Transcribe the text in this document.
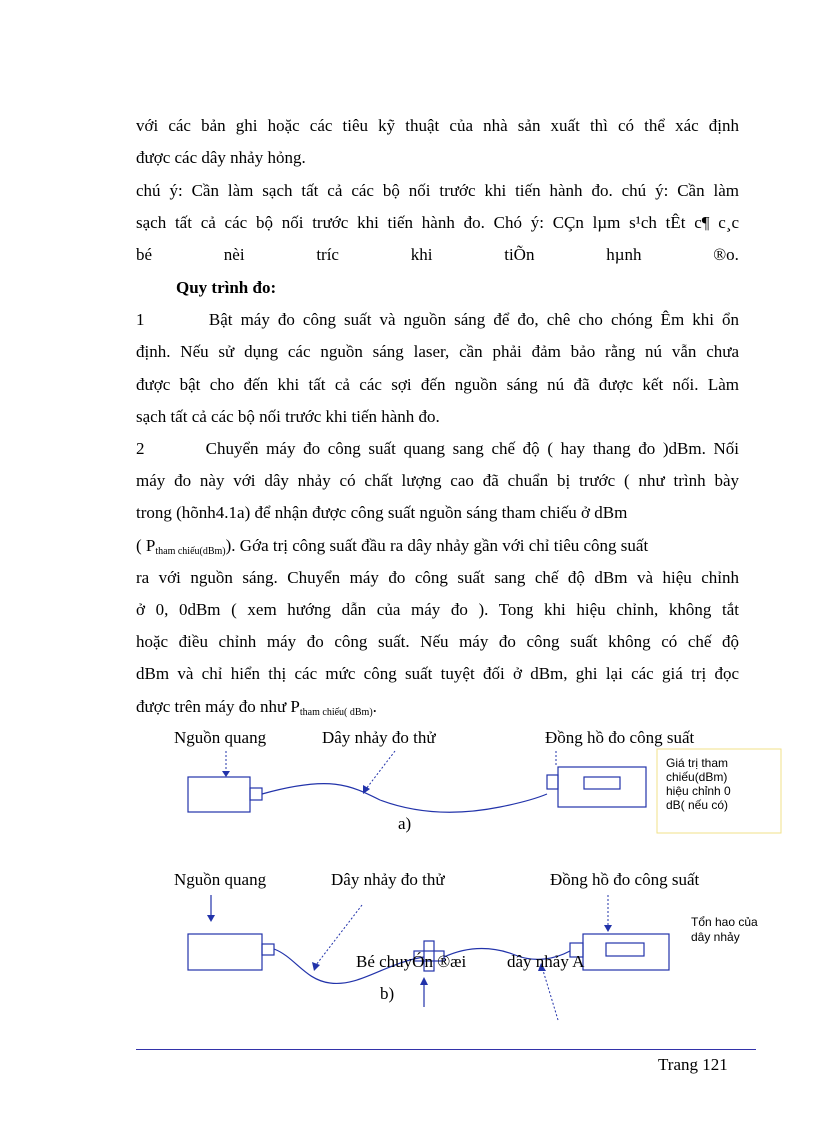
với các bản ghi hoặc các tiêu kỹ thuật của nhà sản xuất thì có thể xác định
được các dây nhảy hỏng.
chú ý: Cần làm sạch tất cả các bộ nối trước khi tiến hành đo. chú ý: Cần làm
sạch tất cả các bộ nối trước khi tiến hành đo. Chó ý: CÇn lµm s¹ch tÊt c¶ c¸c
bé	nèi	tríc	khi	tiÕn	hµnh	®o.
Quy trình đo:
1        Bật máy đo công suất và nguồn sáng để đo, chê cho chóng Êm khi ổn
định. Nếu sử dụng các nguồn sáng laser, cần phải đảm bảo rằng nú vẫn chưa
được bật cho đến khi tất cả các sợi đến nguồn sáng nú đã được kết nối. Làm
sạch tất cả các bộ nối trước khi tiến hành đo.
2        Chuyển máy đo công suất quang sang chế độ ( hay thang đo )dBm. Nối
máy đo này với dây nhảy có chất lượng cao đã chuẩn bị trước ( như trình bày
trong (hõnh4.1a) để nhận được công suất nguồn sáng tham chiếu ở dBm
( $P_{tham chiếu(dBm)}$). Gớa trị công suất đầu ra dây nhảy gần với chỉ tiêu công suất
ra với nguồn sáng. Chuyển máy đo công suất sang chế độ dBm và hiệu chỉnh
ở 0, 0dBm ( xem hướng dẫn của máy đo ). Tong khi hiệu chỉnh, không tắt
hoặc điều chỉnh máy đo công suất. Nếu máy đo công suất không có chế độ
dBm và chỉ hiển thị các mức công suất tuyệt đối ở dBm, ghi lại các giá trị đọc
được trên máy đo như $P_{tham chiếu( dBm)}$.
Nguồn quang	Dây nhảy đo thử	Đồng hồ đo công suất
Giá trị tham
chiếu(dBm)
hiệu chỉnh 0
dB( nếu có)
a)
Nguồn quang	Dây nhảy đo thử	Đồng hồ đo công suất
Tổn hao của
dây nhảy
Bé chuyÓn ®æi dây nhảy A
b)
Trang 121
